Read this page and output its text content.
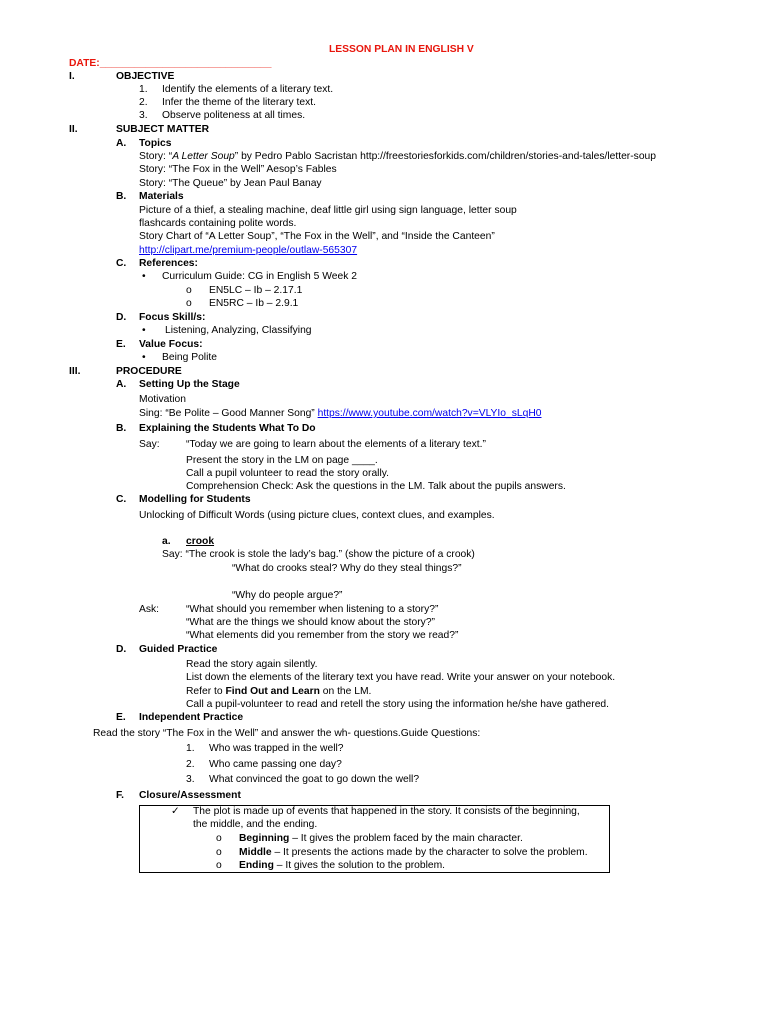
LESSON PLAN IN ENGLISH V
DATE:______________________________
I.	OBJECTIVE
1. Identify the elements of a literary text.
2. Infer the theme of the literary text.
3. Observe politeness at all times.
II.	SUBJECT MATTER
A. Topics
Story: “A Letter Soup” by Pedro Pablo Sacristan http://freestoriesforkids.com/children/stories-and-tales/letter-soup
Story: “The Fox in the Well” Aesop’s Fables
Story: “The Queue” by Jean Paul Banay
B. Materials
Picture of a thief, a stealing machine, deaf little girl using sign language, letter soup
flashcards containing polite words.
Story Chart of “A Letter Soup”, “The Fox in the Well”, and “Inside the Canteen”
http://clipart.me/premium-people/outlaw-565307
C. References:
• Curriculum Guide: CG in English 5 Week 2
o EN5LC – Ib – 2.17.1
o EN5RC – Ib – 2.9.1
D. Focus Skill/s:
• Listening, Analyzing, Classifying
E. Value Focus:
• Being Polite
III.	PROCEDURE
A. Setting Up the Stage
Motivation
Sing: “Be Polite – Good Manner Song” https://www.youtube.com/watch?v=VLYIo_sLqH0
B. Explaining the Students What To Do
Say:	“Today we are going to learn about the elements of a literary text.”
Present the story in the LM on page ____.
Call a pupil volunteer to read the story orally.
Comprehension Check: Ask the questions in the LM. Talk about the pupils answers.
C. Modelling for Students
Unlocking of Difficult Words (using picture clues, context clues, and examples.
a. crook
Say: “The crook is stole the lady’s bag.” (show the picture of a crook)
“What do crooks steal? Why do they steal things?”
“Why do people argue?”
Ask:	“What should you remember when listening to a story?”
“What are the things we should know about the story?”
“What elements did you remember from the story we read?”
D. Guided Practice
Read the story again silently.
List down the elements of the literary text you have read. Write your answer on your notebook.
Refer to Find Out and Learn on the LM.
Call a pupil-volunteer to read and retell the story using the information he/she have gathered.
E. Independent Practice
Read the story “The Fox in the Well” and answer the wh- questions.Guide Questions:
1. Who was trapped in the well?
2. Who came passing one day?
3. What convinced the goat to go down the well?
F. Closure/Assessment
✓ The plot is made up of events that happened in the story. It consists of the beginning,
the middle, and the ending.
o Beginning – It gives the problem faced by the main character.
o Middle – It presents the actions made by the character to solve the problem.
o Ending – It gives the solution to the problem.
